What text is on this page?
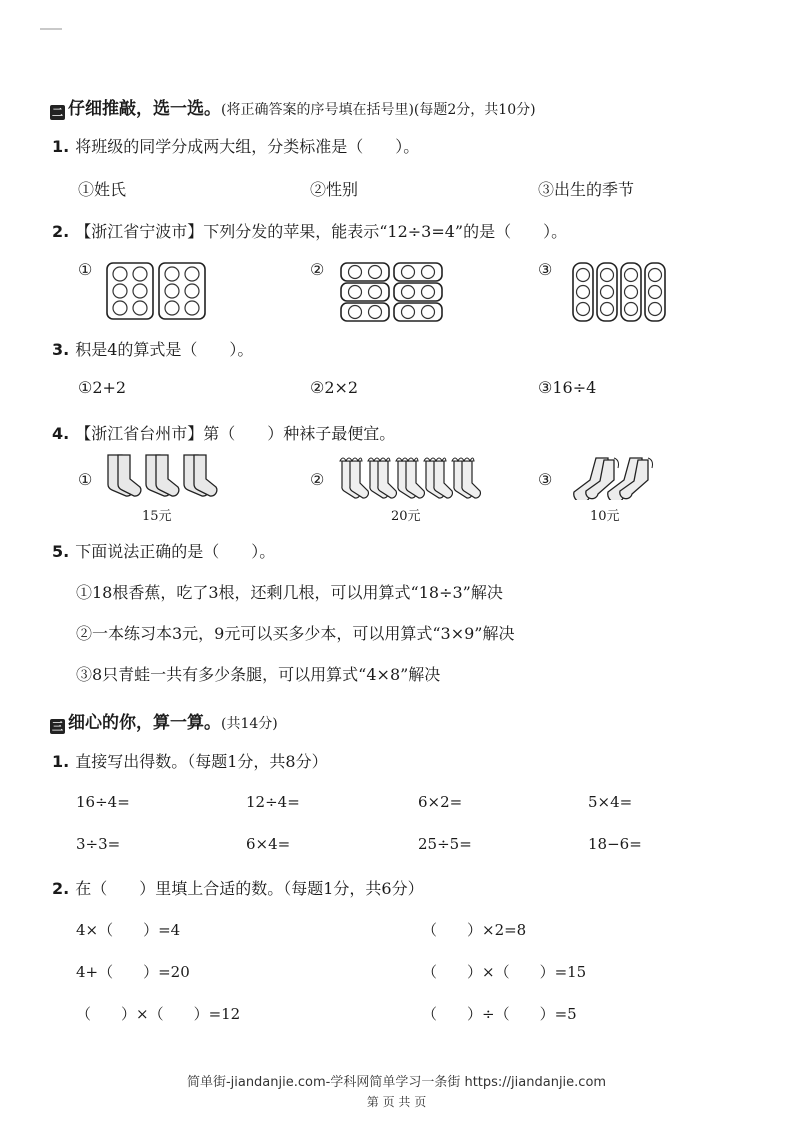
二 仔细推敲，选一选。(将正确答案的序号填在括号里)(每题2分，共10分)
1. 将班级的同学分成两大组，分类标准是（　　）。
①姓氏	②性别	③出生的季节
2. 【浙江省宁波市】下列分发的苹果，能表示“12÷3=4”的是（　　）。
①	②	③
3. 积是4的算式是（　　）。
①2+2	②2×2	③16÷4
4. 【浙江省台州市】第（　　）种袜子最便宜。
①	②	③
15元	20元	10元
5. 下面说法正确的是（　　）。
①18根香蕉，吃了3根，还剩几根，可以用算式“18÷3”解决
②一本练习本3元，9元可以买多少本，可以用算式“3×9”解决
③8只青蛙一共有多少条腿，可以用算式“4×8”解决
三 细心的你，算一算。(共14分)
1. 直接写出得数。（每题1分，共8分）
16÷4=	12÷4=	6×2=	5×4=
3÷3=	6×4=	25÷5=	18−6=
2. 在（　　）里填上合适的数。（每题1分，共6分）
4×（　　）=4	（　　）×2=8
4+（　　）=20	（　　）×（　　）=15
（　　）×（　　）=12	（　　）÷（　　）=5
简单街-jiandanjie.com-学科网简单学习一条街 https://jiandanjie.com
第 页 共 页
